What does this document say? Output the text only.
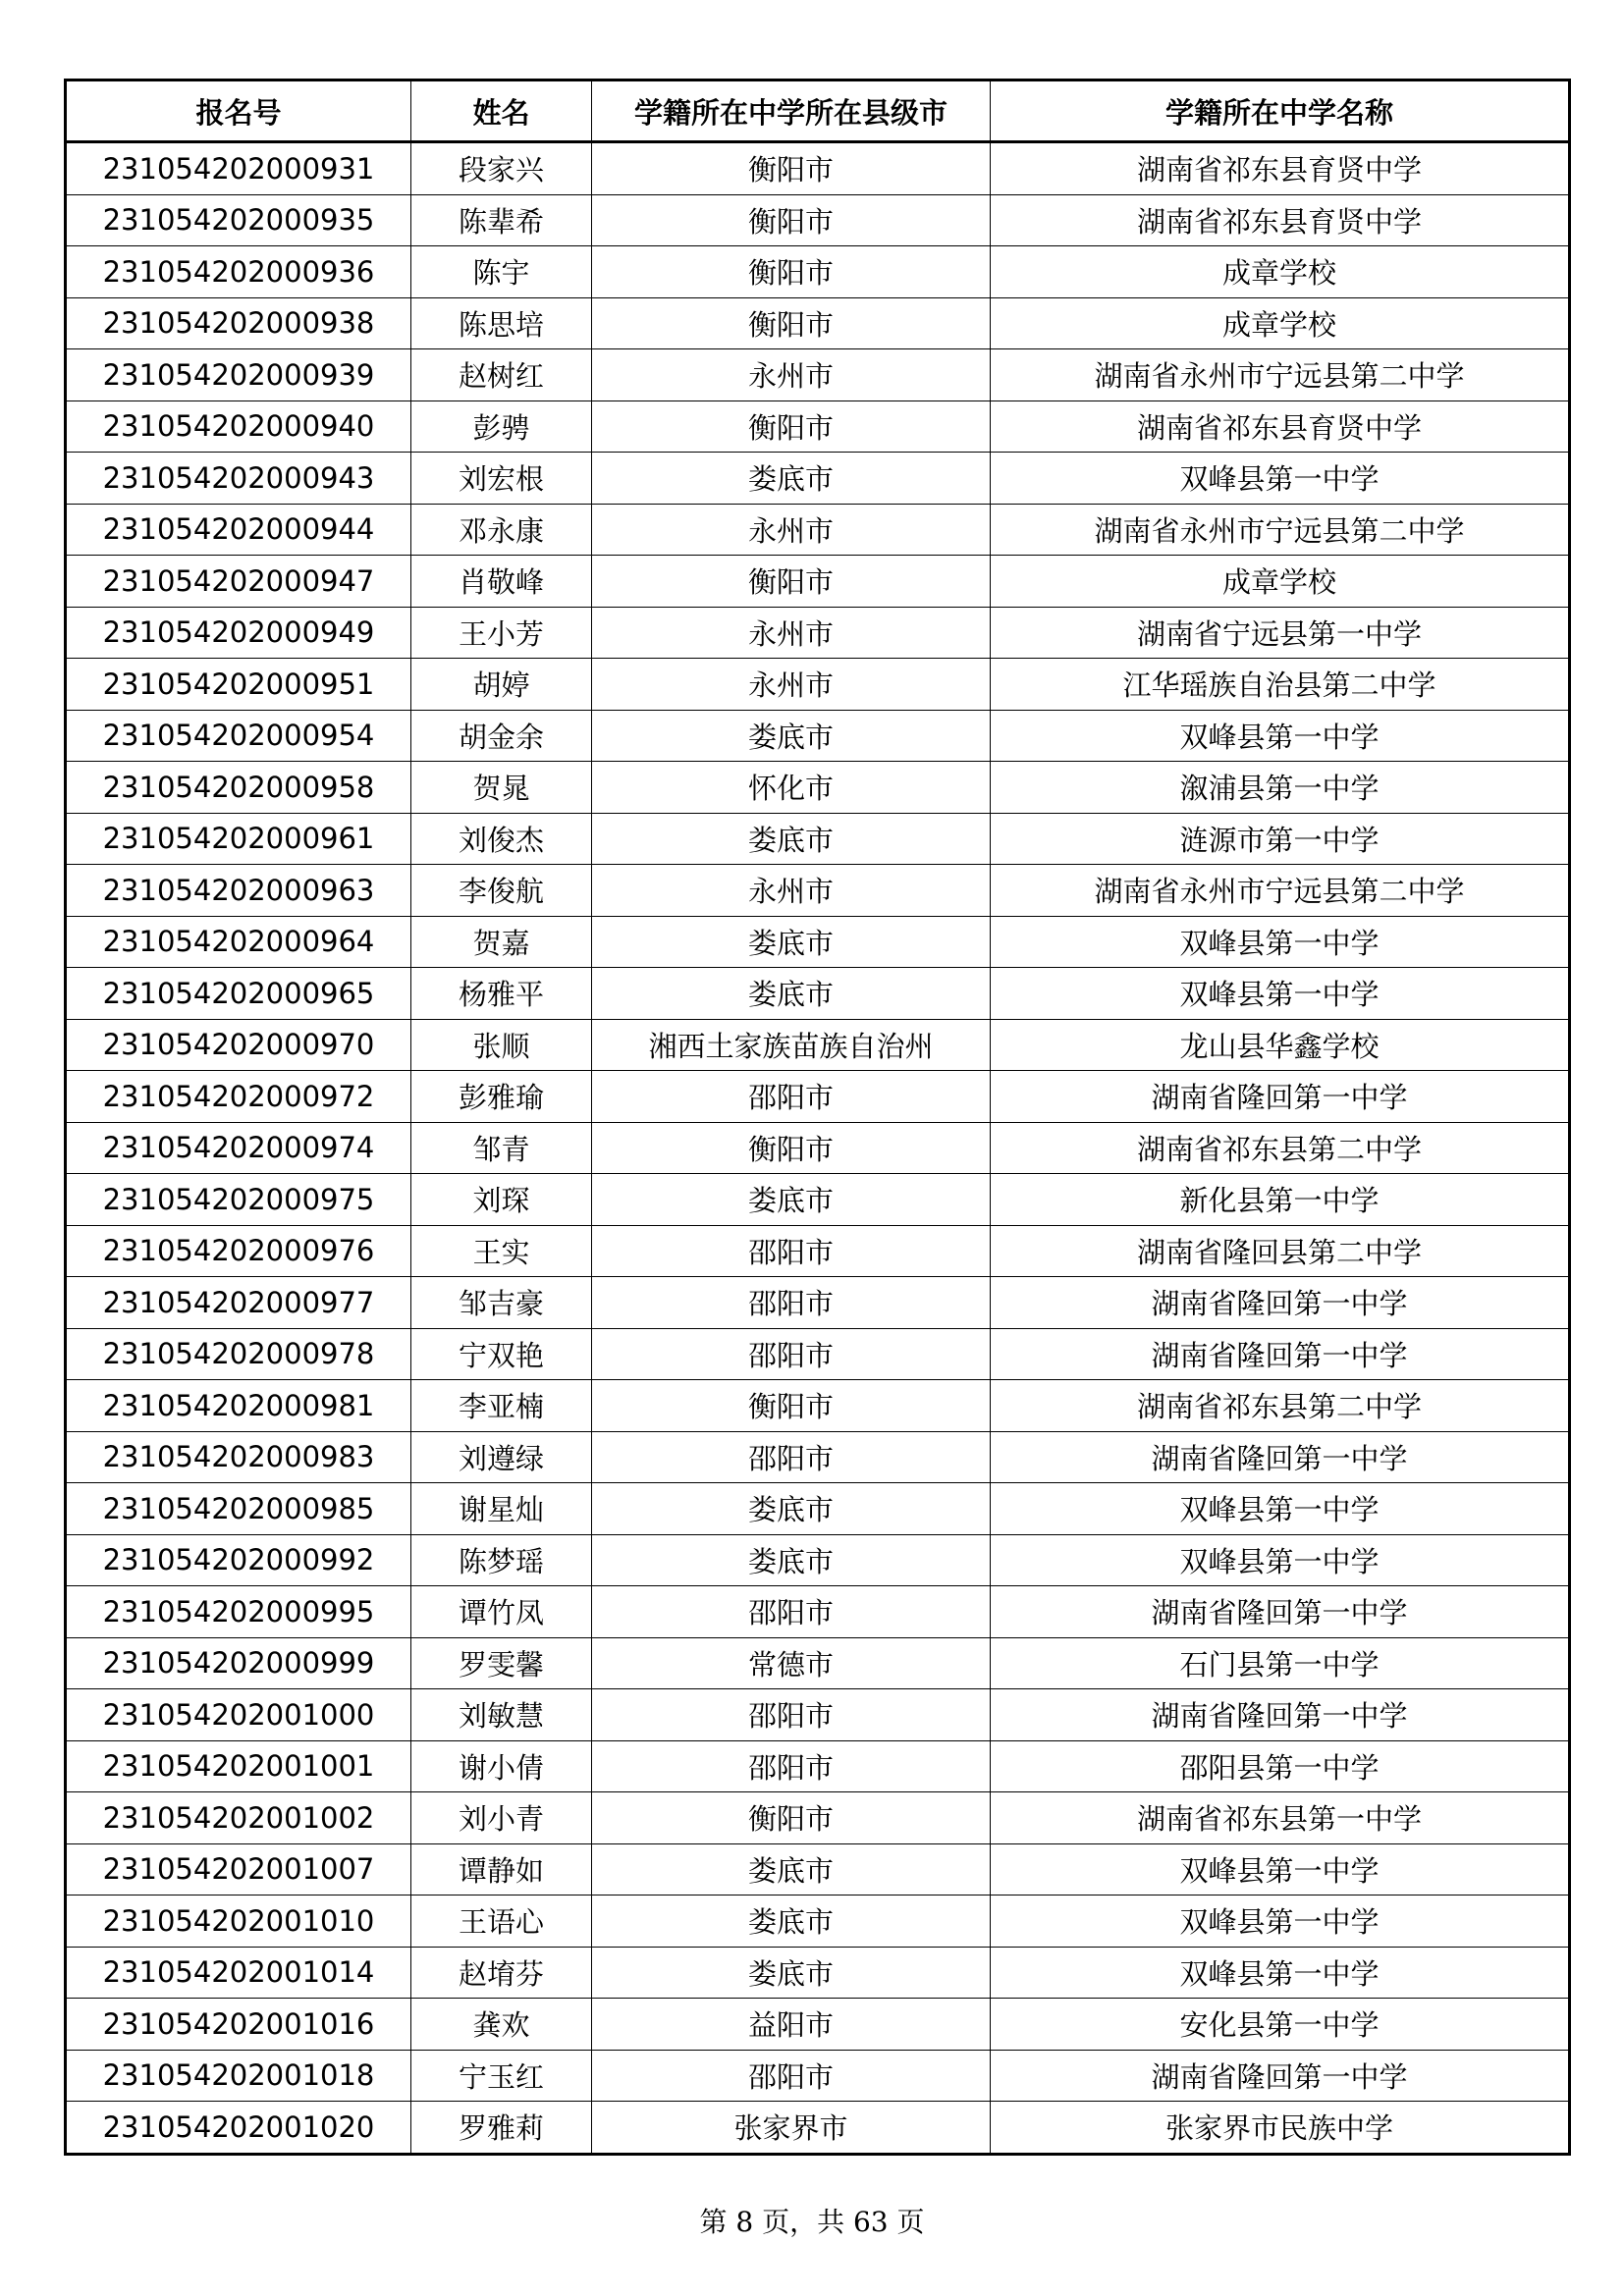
报名号	姓名	学籍所在中学所在县级市	学籍所在中学名称
231054202000931	段家兴	衡阳市	湖南省祁东县育贤中学
231054202000935	陈辈希	衡阳市	湖南省祁东县育贤中学
231054202000936	陈宇	衡阳市	成章学校
231054202000938	陈思培	衡阳市	成章学校
231054202000939	赵树红	永州市	湖南省永州市宁远县第二中学
231054202000940	彭骋	衡阳市	湖南省祁东县育贤中学
231054202000943	刘宏根	娄底市	双峰县第一中学
231054202000944	邓永康	永州市	湖南省永州市宁远县第二中学
231054202000947	肖敬峰	衡阳市	成章学校
231054202000949	王小芳	永州市	湖南省宁远县第一中学
231054202000951	胡婷	永州市	江华瑶族自治县第二中学
231054202000954	胡金余	娄底市	双峰县第一中学
231054202000958	贺晁	怀化市	溆浦县第一中学
231054202000961	刘俊杰	娄底市	涟源市第一中学
231054202000963	李俊航	永州市	湖南省永州市宁远县第二中学
231054202000964	贺嘉	娄底市	双峰县第一中学
231054202000965	杨雅平	娄底市	双峰县第一中学
231054202000970	张顺	湘西土家族苗族自治州	龙山县华鑫学校
231054202000972	彭雅瑜	邵阳市	湖南省隆回第一中学
231054202000974	邹青	衡阳市	湖南省祁东县第二中学
231054202000975	刘琛	娄底市	新化县第一中学
231054202000976	王实	邵阳市	湖南省隆回县第二中学
231054202000977	邹吉豪	邵阳市	湖南省隆回第一中学
231054202000978	宁双艳	邵阳市	湖南省隆回第一中学
231054202000981	李亚楠	衡阳市	湖南省祁东县第二中学
231054202000983	刘遵绿	邵阳市	湖南省隆回第一中学
231054202000985	谢星灿	娄底市	双峰县第一中学
231054202000992	陈梦瑶	娄底市	双峰县第一中学
231054202000995	谭竹凤	邵阳市	湖南省隆回第一中学
231054202000999	罗雯馨	常德市	石门县第一中学
231054202001000	刘敏慧	邵阳市	湖南省隆回第一中学
231054202001001	谢小倩	邵阳市	邵阳县第一中学
231054202001002	刘小青	衡阳市	湖南省祁东县第一中学
231054202001007	谭静如	娄底市	双峰县第一中学
231054202001010	王语心	娄底市	双峰县第一中学
231054202001014	赵堉芬	娄底市	双峰县第一中学
231054202001016	龚欢	益阳市	安化县第一中学
231054202001018	宁玉红	邵阳市	湖南省隆回第一中学
231054202001020	罗雅莉	张家界市	张家界市民族中学
第 8 页，共 63 页
